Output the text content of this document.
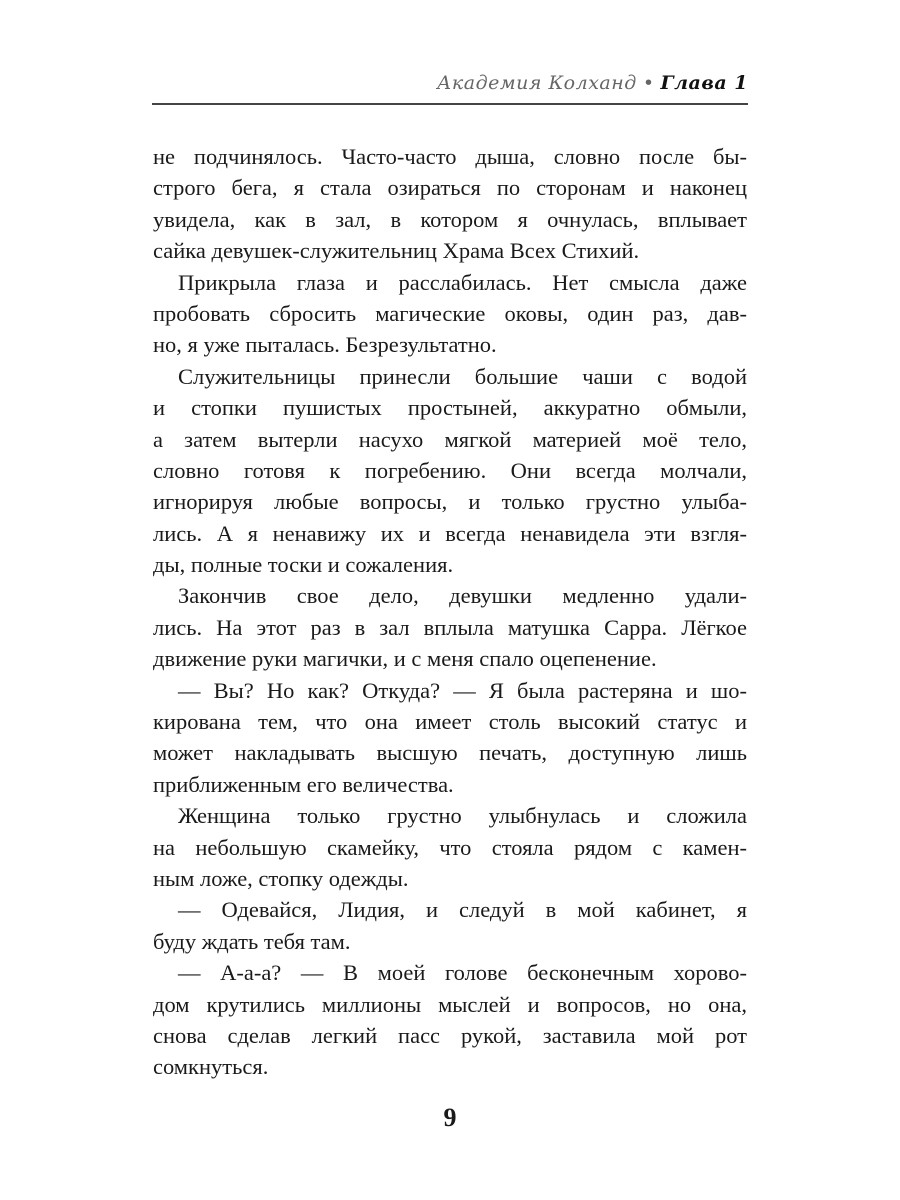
Академия Колханд • Глава 1
не подчинялось. Часто-часто дыша, словно после бы-
строго бега, я стала озираться по сторонам и наконец
увидела, как в зал, в котором я очнулась, вплывает
сайка девушек-служительниц Храма Всех Стихий.
Прикрыла глаза и расслабилась. Нет смысла даже
пробовать сбросить магические оковы, один раз, дав-
но, я уже пыталась. Безрезультатно.
Служительницы принесли большие чаши с водой
и стопки пушистых простыней, аккуратно обмыли,
а затем вытерли насухо мягкой материей моё тело,
словно готовя к погребению. Они всегда молчали,
игнорируя любые вопросы, и только грустно улыба-
лись. А я ненавижу их и всегда ненавидела эти взгля-
ды, полные тоски и сожаления.
Закончив свое дело, девушки медленно удали-
лись. На этот раз в зал вплыла матушка Сарра. Лёгкое
движение руки магички, и с меня спало оцепенение.
— Вы? Но как? Откуда? — Я была растеряна и шо-
кирована тем, что она имеет столь высокий статус и
может накладывать высшую печать, доступную лишь
приближенным его величества.
Женщина только грустно улыбнулась и сложила
на небольшую скамейку, что стояла рядом с камен-
ным ложе, стопку одежды.
— Одевайся, Лидия, и следуй в мой кабинет, я
буду ждать тебя там.
— А-а-а? — В моей голове бесконечным хорово-
дом крутились миллионы мыслей и вопросов, но она,
снова сделав легкий пасс рукой, заставила мой рот
сомкнуться.
9
